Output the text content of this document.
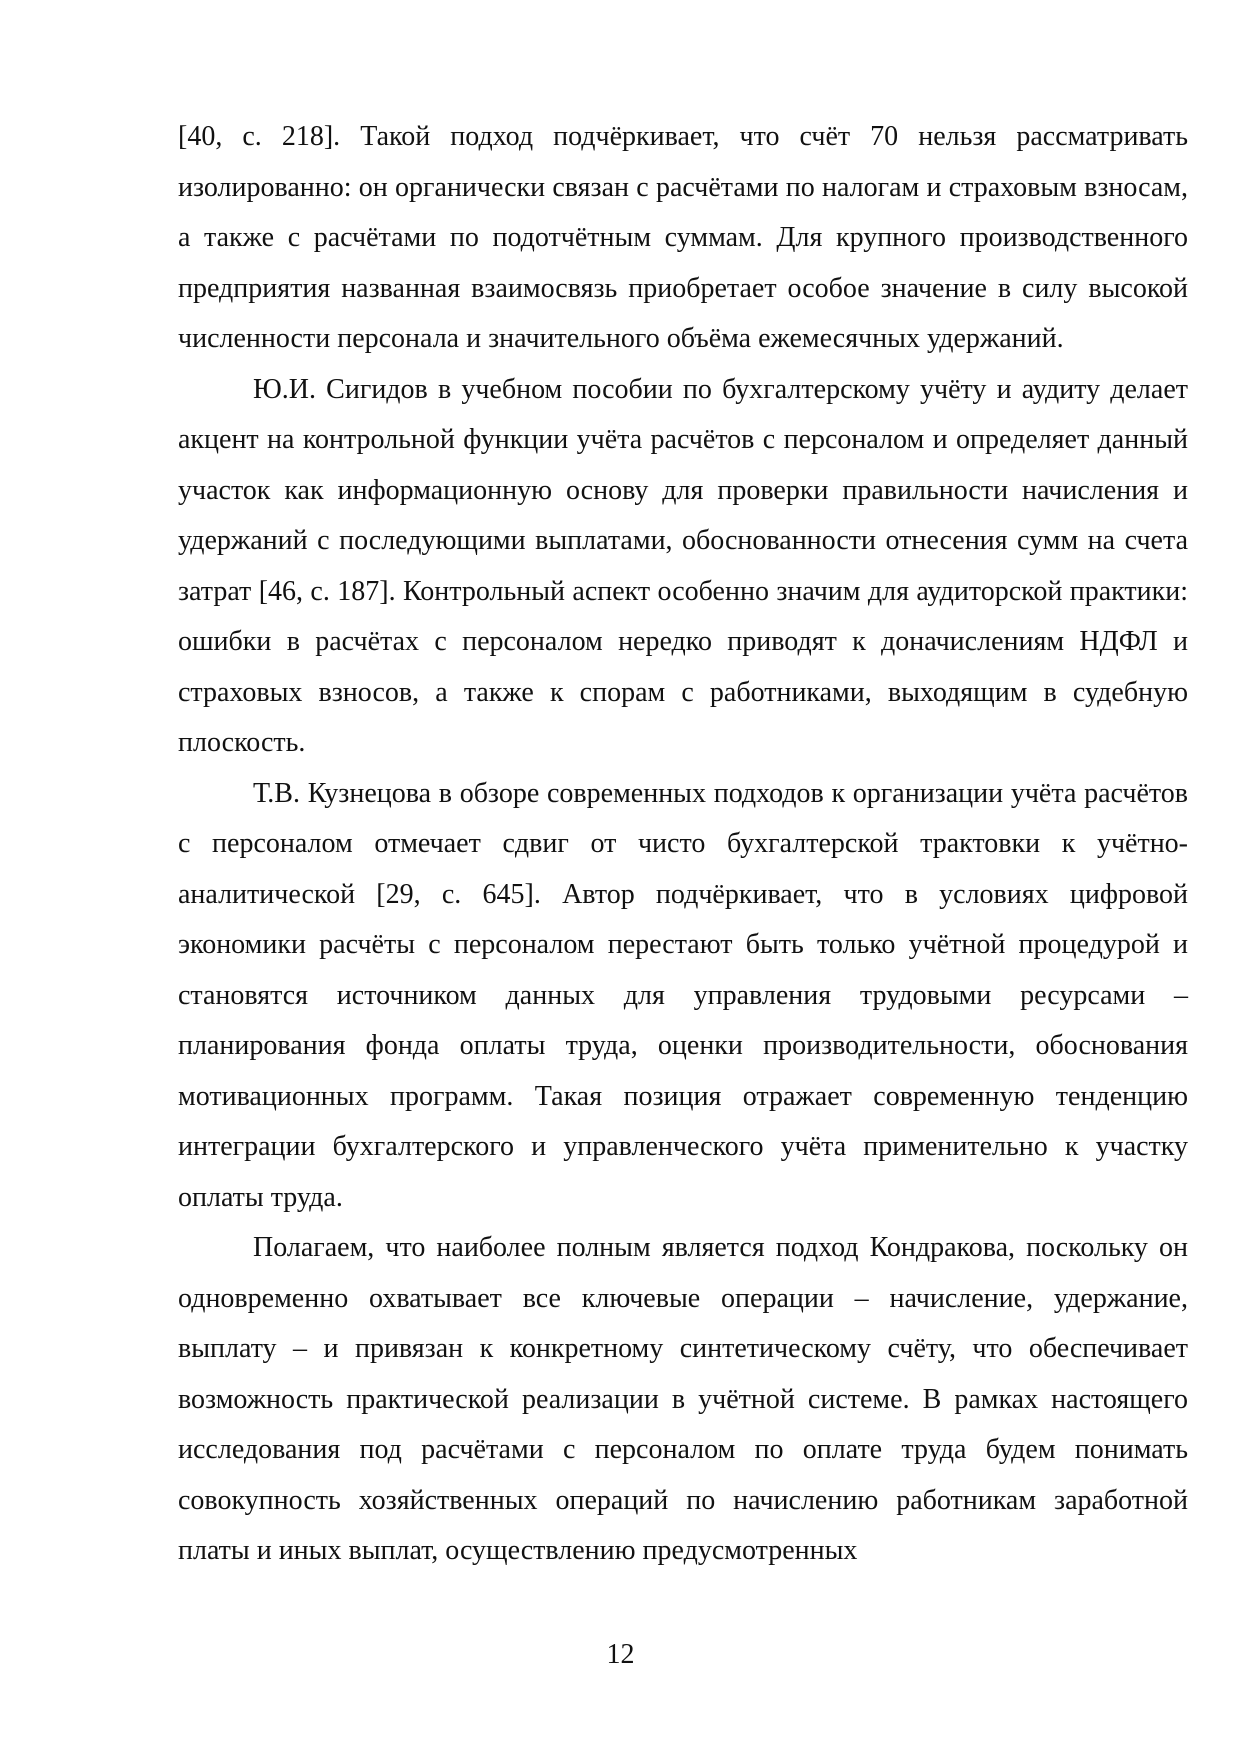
[40, с. 218]. Такой подход подчёркивает, что счёт 70 нельзя рассматривать изолированно: он органически связан с расчётами по налогам и страховым взносам, а также с расчётами по подотчётным суммам. Для крупного производственного предприятия названная взаимосвязь приобретает особое значение в силу высокой численности персонала и значительного объёма ежемесячных удержаний.

Ю.И. Сигидов в учебном пособии по бухгалтерскому учёту и аудиту делает акцент на контрольной функции учёта расчётов с персоналом и определяет данный участок как информационную основу для проверки правильности начисления и удержаний с последующими выплатами, обоснованности отнесения сумм на счета затрат [46, с. 187]. Контрольный аспект особенно значим для аудиторской практики: ошибки в расчётах с персоналом нередко приводят к доначислениям НДФЛ и страховых взносов, а также к спорам с работниками, выходящим в судебную плоскость.

Т.В. Кузнецова в обзоре современных подходов к организации учёта расчётов с персоналом отмечает сдвиг от чисто бухгалтерской трактовки к учётно-аналитической [29, с. 645]. Автор подчёркивает, что в условиях цифровой экономики расчёты с персоналом перестают быть только учётной процедурой и становятся источником данных для управления трудовыми ресурсами – планирования фонда оплаты труда, оценки производительности, обоснования мотивационных программ. Такая позиция отражает современную тенденцию интеграции бухгалтерского и управленческого учёта применительно к участку оплаты труда.

Полагаем, что наиболее полным является подход Кондракова, поскольку он одновременно охватывает все ключевые операции – начисление, удержание, выплату – и привязан к конкретному синтетическому счёту, что обеспечивает возможность практической реализации в учётной системе. В рамках настоящего исследования под расчётами с персоналом по оплате труда будем понимать совокупность хозяйственных операций по начислению работникам заработной платы и иных выплат, осуществлению предусмотренных

12
